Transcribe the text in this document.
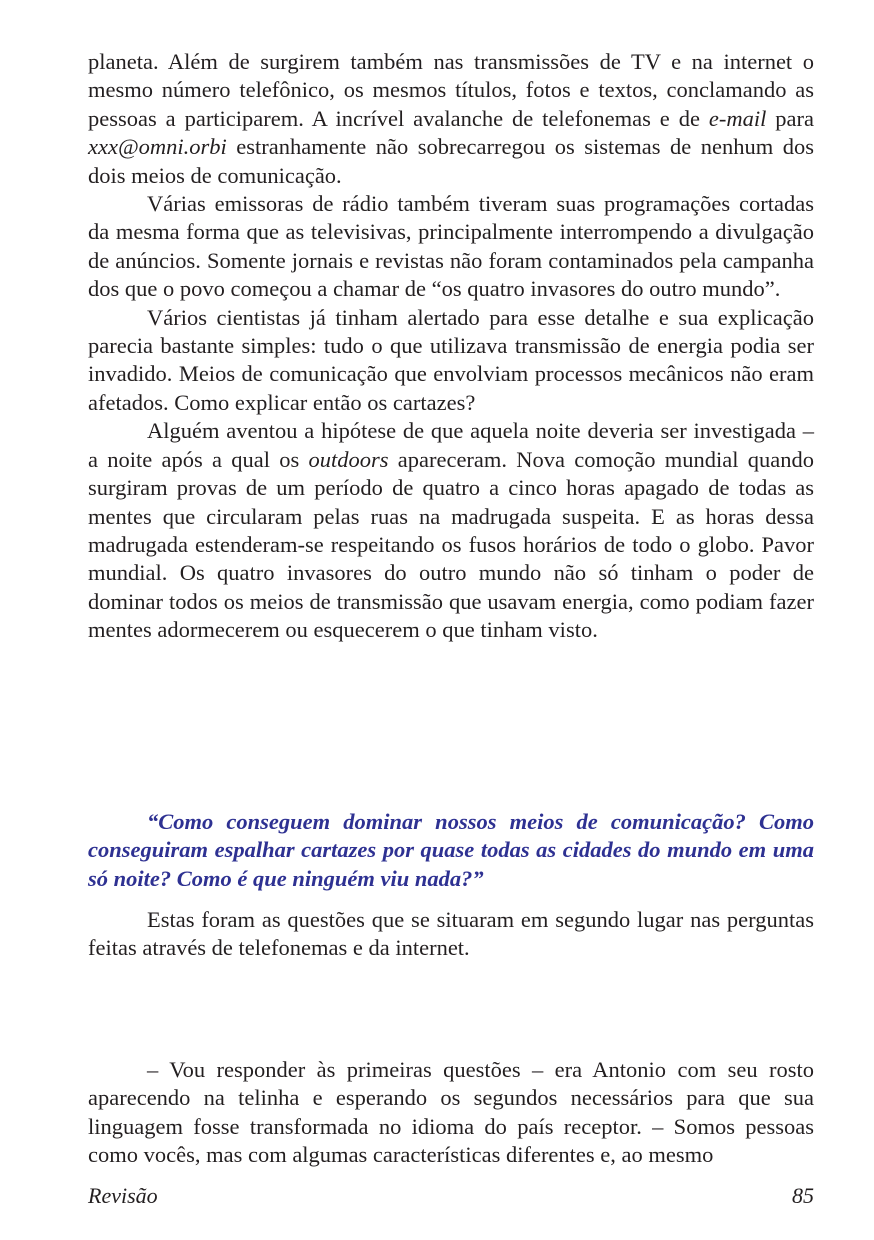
planeta. Além de surgirem também nas transmissões de TV e na internet o mesmo número telefônico, os mesmos títulos, fotos e textos, conclamando as pessoas a participarem. A incrível avalanche de telefonemas e de e-mail para xxx@omni.orbi estranhamente não sobrecarregou os sistemas de nenhum dos dois meios de comunicação.

Várias emissoras de rádio também tiveram suas programações cortadas da mesma forma que as televisivas, principalmente interrompendo a divulgação de anúncios. Somente jornais e revistas não foram contaminados pela campanha dos que o povo começou a chamar de “os quatro invasores do outro mundo”.

Vários cientistas já tinham alertado para esse detalhe e sua explicação parecia bastante simples: tudo o que utilizava transmissão de energia podia ser invadido. Meios de comunicação que envolviam processos mecânicos não eram afetados. Como explicar então os cartazes?

Alguém aventou a hipótese de que aquela noite deveria ser investigada – a noite após a qual os outdoors apareceram. Nova comoção mundial quando surgiram provas de um período de quatro a cinco horas apagado de todas as mentes que circularam pelas ruas na madrugada suspeita. E as horas dessa madrugada estenderam-se respeitando os fusos horários de todo o globo. Pavor mundial. Os quatro invasores do outro mundo não só tinham o poder de dominar todos os meios de transmissão que usavam energia, como podiam fazer mentes adormecerem ou esquecerem o que tinham visto.

“Como conseguem dominar nossos meios de comunicação? Como conseguiram espalhar cartazes por quase todas as cidades do mundo em uma só noite? Como é que ninguém viu nada?”

Estas foram as questões que se situaram em segundo lugar nas perguntas feitas através de telefonemas e da internet.

– Vou responder às primeiras questões – era Antonio com seu rosto aparecendo na telinha e esperando os segundos necessários para que sua linguagem fosse transformada no idioma do país receptor. – Somos pessoas como vocês, mas com algumas características diferentes e, ao mesmo

Revisão	85
